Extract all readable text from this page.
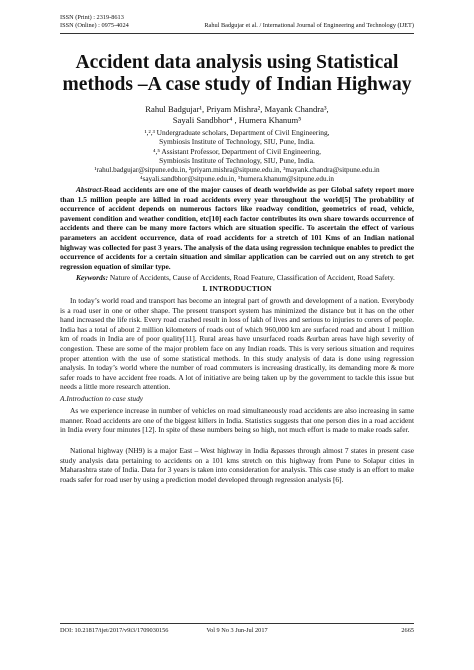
ISSN (Print) : 2319-8613
ISSN (Online) : 0975-4024	Rahul Badgujar et al. / International Journal of Engineering and Technology (IJET)
Accident data analysis using Statistical methods –A case study of Indian Highway
Rahul Badgujar¹, Priyam Mishra², Mayank Chandra³,
Sayali Sandbhor⁴ , Humera Khanum⁵
¹,²,³ Undergraduate scholars, Department of Civil Engineering,
Symbiosis Institute of Technology, SIU, Pune, India.
⁴,⁵ Assistant Professor, Department of Civil Engineering,
Symbiosis Institute of Technology, SIU, Pune, India.
¹rahul.badgujar@sitpune.edu.in, ²priyam.mishra@sitpune.edu.in, ³mayank.chandra@sitpune.edu.in
⁴sayali.sandbhor@sitpune.edu.in, ⁵humera.khanum@sitpune.edu.in

Abstract-Road accidents are one of the major causes of death worldwide as per Global safety report more than 1.5 million people are killed in road accidents every year throughout the world[5] The probability of occurrence of accident depends on numerous factors like roadway condition, geometrics of road, vehicle, pavement condition and weather condition, etc[10] each factor contributes its own share towards occurrence of accidents and there can be many more factors which are situation specific. To ascertain the effect of various parameters an accident occurrence, data of road accidents for a stretch of 101 Kms of an Indian national highway was collected for past 3 years. The analysis of the data using regression technique enables to predict the occurrence of accidents for a certain situation and similar application can be carried out on any stretch to get regression equation of similar type.

Keywords: Nature of Accidents, Cause of Accidents, Road Feature, Classification of Accident, Road Safety.

I. INTRODUCTION

In today’s world road and transport has become an integral part of growth and development of a nation. Everybody is a road user in one or other shape. The present transport system has minimized the distance but it has on the other hand increased the life risk. Every road crashed result in loss of lakh of lives and serious to injuries to corers of people. India has a total of about 2 million kilometers of roads out of which 960,000 km are surfaced road and about 1 million km of roads in India are of poor quality[11]. Rural areas have unsurfaced roads &urban areas have high severity of congestion. These are some of the major problem face on any Indian roads. This is very serious situation and requires proper attention with the use of some statistical methods. In this study analysis of data is done using regression analysis. In today’s world where the number of road commuters is increasing drastically, its demanding more & more safer roads to have accident free roads. A lot of initiative are being taken up by the government to tackle this issue but needs a little more research attention.

A.Introduction to case study

As we experience increase in number of vehicles on road simultaneously road accidents are also increasing in same manner. Road accidents are one of the biggest killers in India. Statistics suggests that one person dies in a road accident in India every four minutes [12]. In spite of these numbers being so high, not much effort is made to make roads safer.

National highway (NH9) is a major East – West highway in India &passes through almost 7 states in present case study analysis data pertaining to accidents on a 101 kms stretch on this highway from Pune to Solapur cities in Maharashtra state of India. Data for 3 years is taken into consideration for analysis. This case study is an effort to make roads safer for road user by using a prediction model developed through regression analysis [6].

DOI: 10.21817/ijet/2017/v9i3/1709030156	Vol 9 No 3 Jun-Jul 2017	2665
